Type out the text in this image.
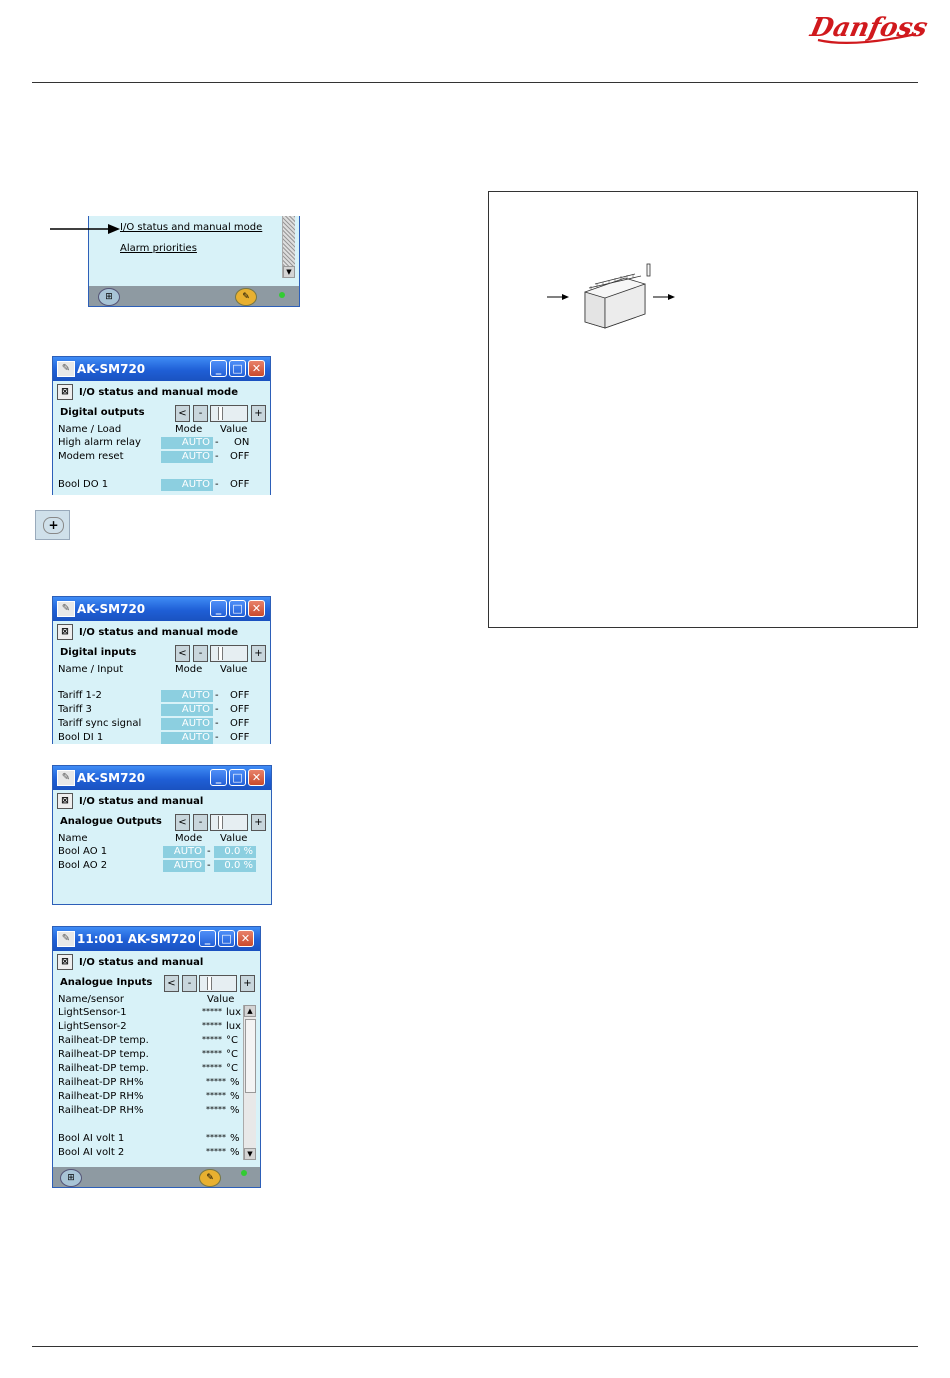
Danfoss
I/O status and manual mode
Alarm priorities
▼
⊞	✎
✎ AK-SM720	_	□ ✕
⊠ I/O status and manual mode
Digital outputs	<	-	+
Name / Load	Mode Value
High alarm relay	AUTO - ON
Modem reset	AUTO - OFF
Bool DO 1	AUTO - OFF
+
✎ AK-SM720	_	□ ✕
⊠ I/O status and manual mode
Digital inputs	<	-	+
Name / Input	Mode Value
Tariff 1-2	AUTO - OFF
Tariff 3	AUTO - OFF
Tariff sync signal	AUTO - OFF
Bool DI 1	AUTO - OFF
✎ AK-SM720	_	□ ✕
⊠ I/O status and manual
Analogue Outputs	<	-	+
Name	Mode Value
Bool AO 1	AUTO -	0.0 %
Bool AO 2	AUTO -	0.0 %
✎ 11:001 AK-SM720 _	□ ✕
⊠ I/O status and manual
Analogue Inputs	<	-	+
Name/sensor	Value
LightSensor-1	***** lux
LightSensor-2	***** lux
Railheat-DP temp.	***** °C
Railheat-DP temp.	***** °C
Railheat-DP temp.	***** °C
Railheat-DP RH%	***** %
Railheat-DP RH%	***** %
Railheat-DP RH%	***** %
Bool AI volt 1	***** %
Bool AI volt 2	***** %
▲
▼
⊞	✎
